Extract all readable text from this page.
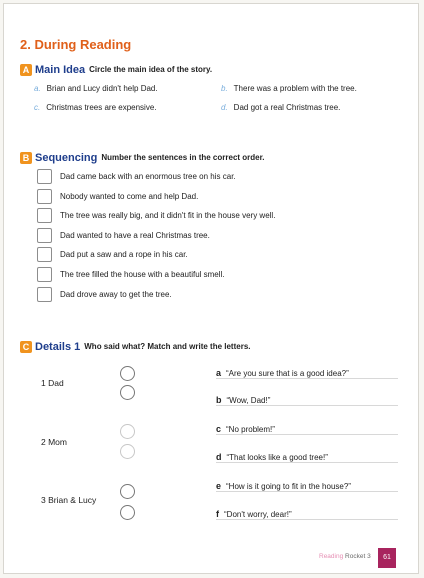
2. During Reading
A Main Idea Circle the main idea of the story.
a. Brian and Lucy didn't help Dad.	b. There was a problem with the tree.
c. Christmas trees are expensive.	d. Dad got a real Christmas tree.
B Sequencing Number the sentences in the correct order.
Dad came back with an enormous tree on his car.
Nobody wanted to come and help Dad.
The tree was really big, and it didn't fit in the house very well.
Dad wanted to have a real Christmas tree.
Dad put a saw and a rope in his car.
The tree filled the house with a beautiful smell.
Dad drove away to get the tree.
C Details 1 Who said what? Match and write the letters.
1 Dad
2 Mom
3 Brian & Lucy
a “Are you sure that is a good idea?”
b “Wow, Dad!”
c “No problem!”
d “That looks like a good tree!”
e “How is it going to fit in the house?”
f “Don't worry, dear!”
Reading Rocket 3	61
